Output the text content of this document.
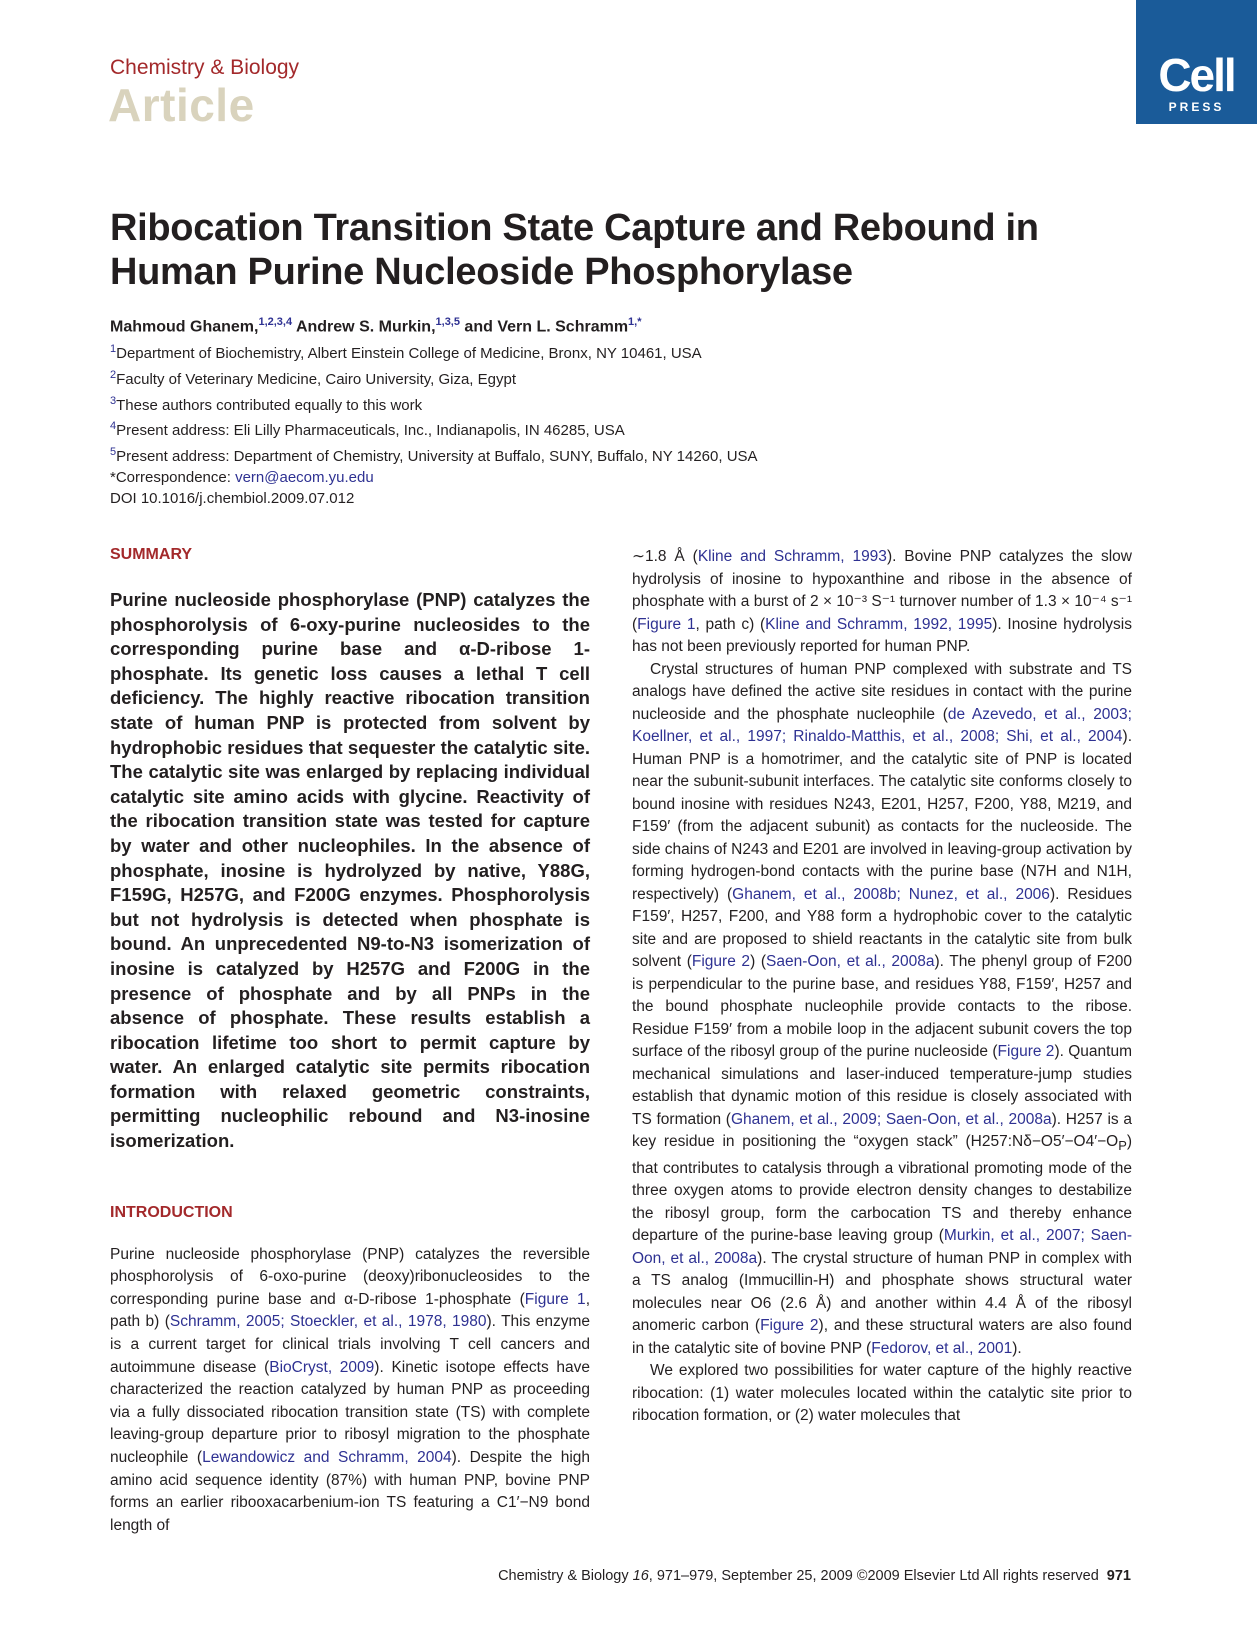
Chemistry & Biology
Article
Cell
PRESS
Ribocation Transition State Capture and Rebound in Human Purine Nucleoside Phosphorylase
Mahmoud Ghanem,$^{1,2,3,4}$ Andrew S. Murkin,$^{1,3,5}$ and Vern L. Schramm$^{1,*}$
$^1$Department of Biochemistry, Albert Einstein College of Medicine, Bronx, NY 10461, USA
$^2$Faculty of Veterinary Medicine, Cairo University, Giza, Egypt
$^3$These authors contributed equally to this work
$^4$Present address: Eli Lilly Pharmaceuticals, Inc., Indianapolis, IN 46285, USA
$^5$Present address: Department of Chemistry, University at Buffalo, SUNY, Buffalo, NY 14260, USA
*Correspondence: vern@aecom.yu.edu
DOI 10.1016/j.chembiol.2009.07.012
SUMMARY
Purine nucleoside phosphorylase (PNP) catalyzes the phosphorolysis of 6-oxy-purine nucleosides to the corresponding purine base and α-D-ribose 1-phosphate. Its genetic loss causes a lethal T cell deficiency. The highly reactive ribocation transition state of human PNP is protected from solvent by hydrophobic residues that sequester the catalytic site. The catalytic site was enlarged by replacing individual catalytic site amino acids with glycine. Reactivity of the ribocation transition state was tested for capture by water and other nucleophiles. In the absence of phosphate, inosine is hydrolyzed by native, Y88G, F159G, H257G, and F200G enzymes. Phosphorolysis but not hydrolysis is detected when phosphate is bound. An unprecedented N9-to-N3 isomerization of inosine is catalyzed by H257G and F200G in the presence of phosphate and by all PNPs in the absence of phosphate. These results establish a ribocation lifetime too short to permit capture by water. An enlarged catalytic site permits ribocation formation with relaxed geometric constraints, permitting nucleophilic rebound and N3-inosine isomerization.
INTRODUCTION
Purine nucleoside phosphorylase (PNP) catalyzes the reversible phosphorolysis of 6-oxo-purine (deoxy)ribonucleosides to the corresponding purine base and α-D-ribose 1-phosphate (Figure 1, path b) (Schramm, 2005; Stoeckler, et al., 1978, 1980). This enzyme is a current target for clinical trials involving T cell cancers and autoimmune disease (BioCryst, 2009). Kinetic isotope effects have characterized the reaction catalyzed by human PNP as proceeding via a fully dissociated ribocation transition state (TS) with complete leaving-group departure prior to ribosyl migration to the phosphate nucleophile (Lewandowicz and Schramm, 2004). Despite the high amino acid sequence identity (87%) with human PNP, bovine PNP forms an earlier ribooxacarbenium-ion TS featuring a C1′−N9 bond length of

∼1.8 Å (Kline and Schramm, 1993). Bovine PNP catalyzes the slow hydrolysis of inosine to hypoxanthine and ribose in the absence of phosphate with a burst of 2 × 10⁻³ S⁻¹ turnover number of 1.3 × 10⁻⁴ s⁻¹ (Figure 1, path c) (Kline and Schramm, 1992, 1995). Inosine hydrolysis has not been previously reported for human PNP.

Crystal structures of human PNP complexed with substrate and TS analogs have defined the active site residues in contact with the purine nucleoside and the phosphate nucleophile (de Azevedo, et al., 2003; Koellner, et al., 1997; Rinaldo-Matthis, et al., 2008; Shi, et al., 2004). Human PNP is a homotrimer, and the catalytic site of PNP is located near the subunit-subunit interfaces. The catalytic site conforms closely to bound inosine with residues N243, E201, H257, F200, Y88, M219, and F159′ (from the adjacent subunit) as contacts for the nucleoside. The side chains of N243 and E201 are involved in leaving-group activation by forming hydrogen-bond contacts with the purine base (N7H and N1H, respectively) (Ghanem, et al., 2008b; Nunez, et al., 2006). Residues F159′, H257, F200, and Y88 form a hydrophobic cover to the catalytic site and are proposed to shield reactants in the catalytic site from bulk solvent (Figure 2) (Saen-Oon, et al., 2008a). The phenyl group of F200 is perpendicular to the purine base, and residues Y88, F159′, H257 and the bound phosphate nucleophile provide contacts to the ribose. Residue F159′ from a mobile loop in the adjacent subunit covers the top surface of the ribosyl group of the purine nucleoside (Figure 2). Quantum mechanical simulations and laser-induced temperature-jump studies establish that dynamic motion of this residue is closely associated with TS formation (Ghanem, et al., 2009; Saen-Oon, et al., 2008a). H257 is a key residue in positioning the “oxygen stack” $(H257:N\delta-O5'-O4'-O_P)$ that contributes to catalysis through a vibrational promoting mode of the three oxygen atoms to provide electron density changes to destabilize the ribosyl group, form the carbocation TS and thereby enhance departure of the purine-base leaving group (Murkin, et al., 2007; Saen-Oon, et al., 2008a). The crystal structure of human PNP in complex with a TS analog (Immucillin-H) and phosphate shows structural water molecules near O6 (2.6 Å) and another within 4.4 Å of the ribosyl anomeric carbon (Figure 2), and these structural waters are also found in the catalytic site of bovine PNP (Fedorov, et al., 2001).

We explored two possibilities for water capture of the highly reactive ribocation: (1) water molecules located within the catalytic site prior to ribocation formation, or (2) water molecules that

Chemistry & Biology 16, 971–979, September 25, 2009 ©2009 Elsevier Ltd All rights reserved 971
